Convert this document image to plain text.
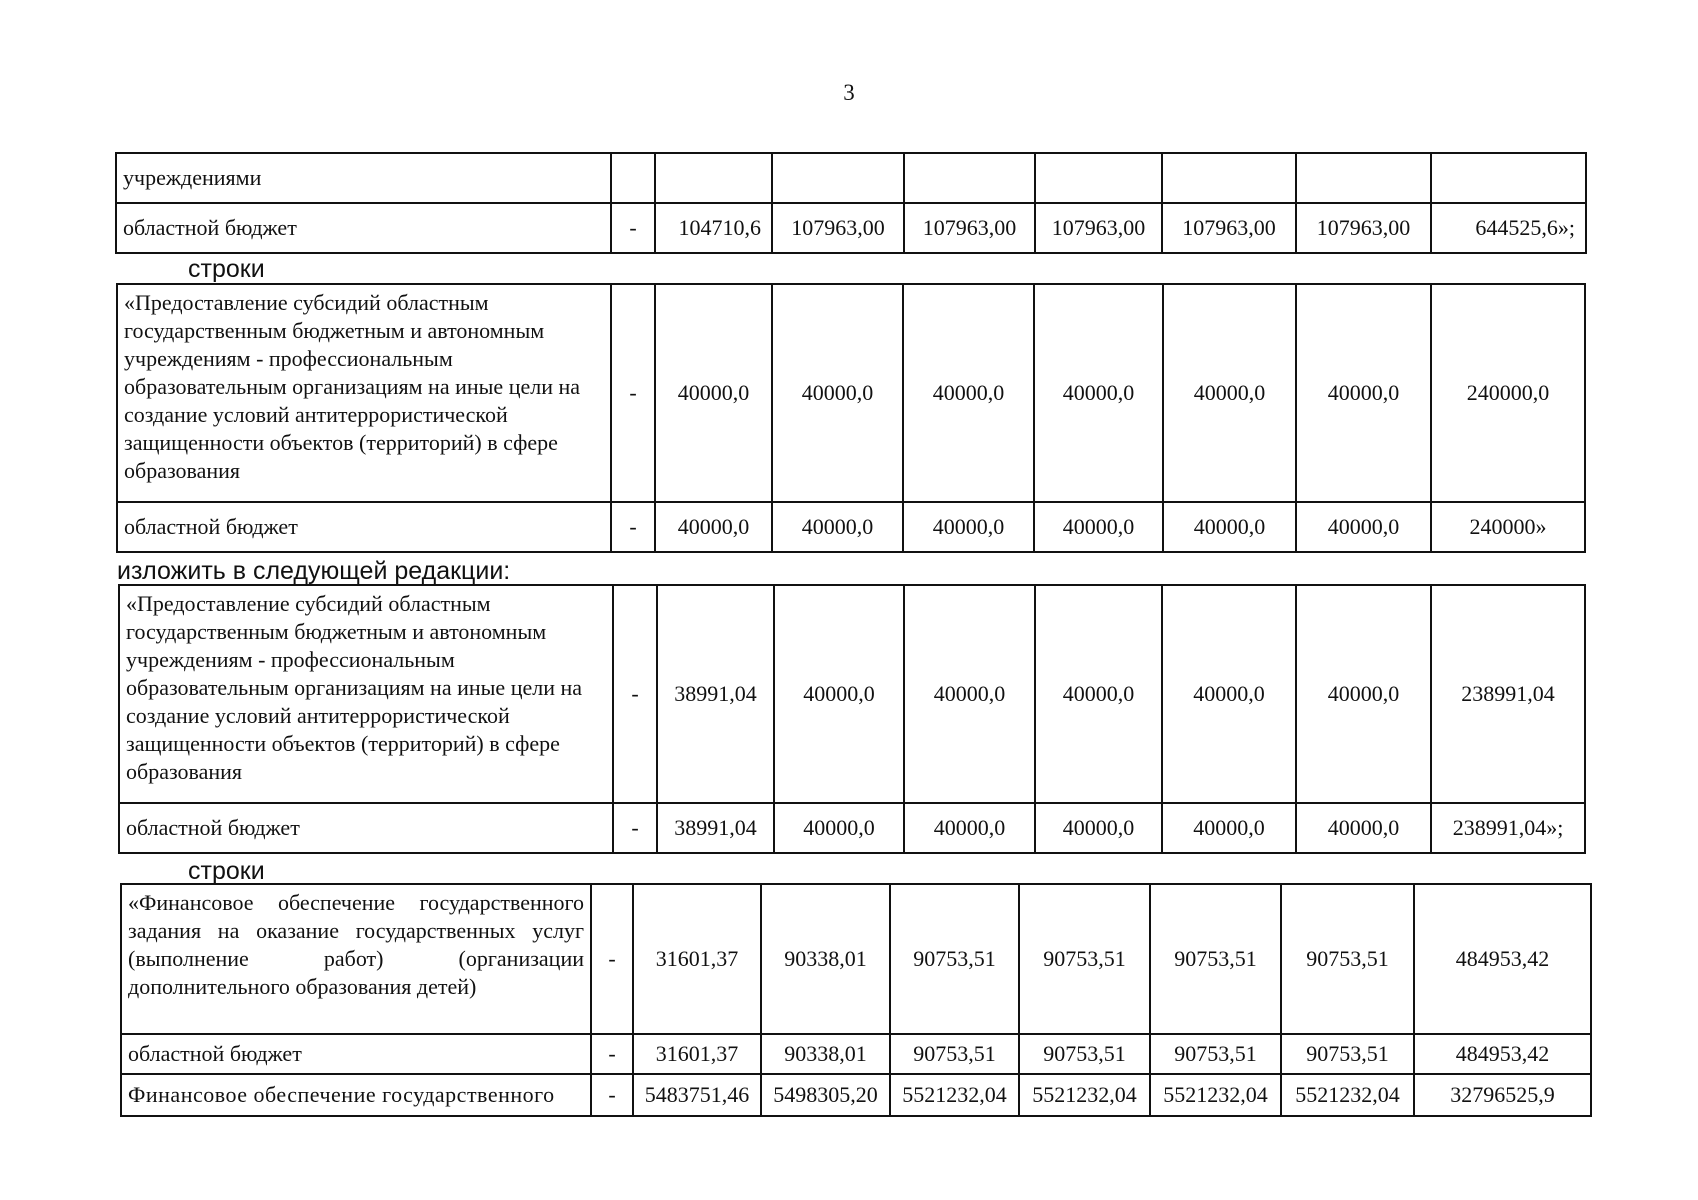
3
учреждениями								
областной бюджет	-	104710,6	107963,00	107963,00	107963,00	107963,00	107963,00	644525,6»;
строки
«Предоставление субсидий областным государственным бюджетным и автономным учреждениям - профессиональным образовательным организациям на иные цели на создание условий антитеррористической защищенности объектов (территорий) в сфере образования	-	40000,0	40000,0	40000,0	40000,0	40000,0	40000,0	240000,0
областной бюджет	-	40000,0	40000,0	40000,0	40000,0	40000,0	40000,0	240000»
изложить в следующей редакции:
«Предоставление субсидий областным государственным бюджетным и автономным учреждениям - профессиональным образовательным организациям на иные цели на создание условий антитеррористической защищенности объектов (территорий) в сфере образования	-	38991,04	40000,0	40000,0	40000,0	40000,0	40000,0	238991,04
областной бюджет	-	38991,04	40000,0	40000,0	40000,0	40000,0	40000,0	238991,04»;
строки
«Финансовое обеспечение государственного задания на оказание государственных услуг (выполнение работ) (организации дополнительного образования детей)	-	31601,37	90338,01	90753,51	90753,51	90753,51	90753,51	484953,42
областной бюджет	-	31601,37	90338,01	90753,51	90753,51	90753,51	90753,51	484953,42
Финансовое обеспечение государственного	-	5483751,46	5498305,20	5521232,04	5521232,04	5521232,04	5521232,04	32796525,9
